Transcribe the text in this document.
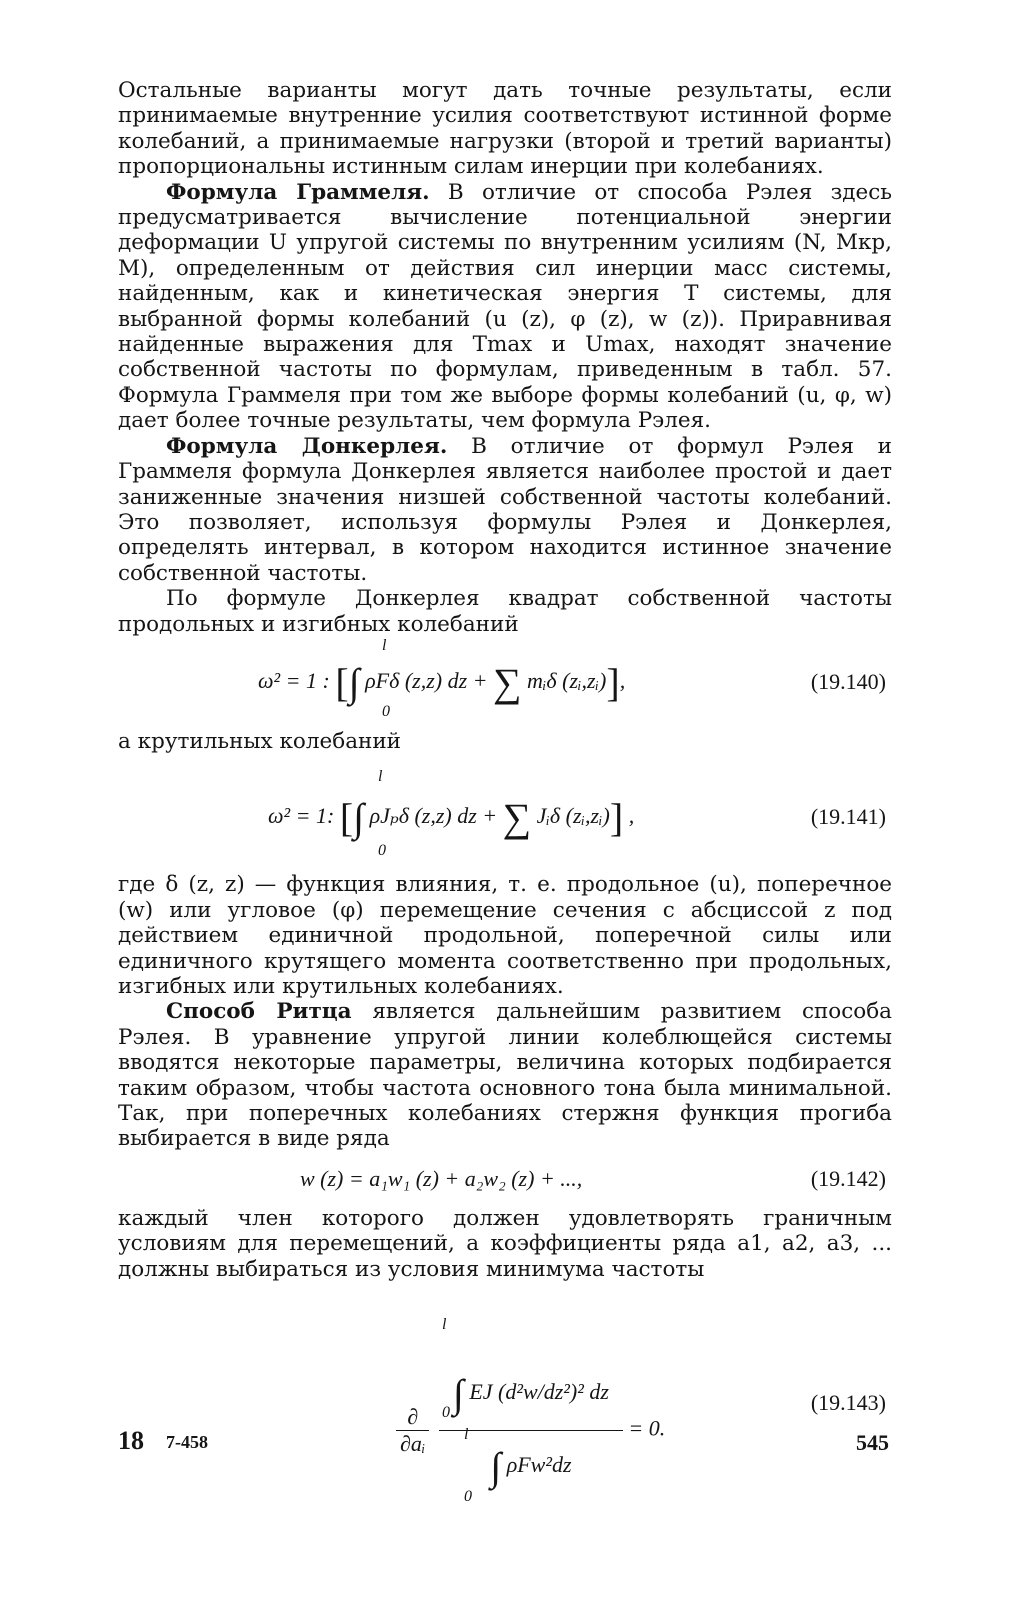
Остальные варианты могут дать точные результаты, если принимаемые внутренние усилия соответствуют истинной форме колебаний, а принимаемые нагрузки (второй и третий варианты) пропорциональны истинным силам инерции при колебаниях.

Формула Граммеля. В отличие от способа Рэлея здесь предусматривается вычисление потенциальной энергии деформации U упругой системы по внутренним усилиям (N, Mкр, M), определенным от действия сил инерции масс системы, найденным, как и кинетическая энергия T системы, для выбранной формы колебаний (u (z), φ (z), w (z)). Приравнивая найденные выражения для Tmax и Umax, находят значение собственной частоты по формулам, приведенным в табл. 57. Формула Граммеля при том же выборе формы колебаний (u, φ, w) дает более точные результаты, чем формула Рэлея.

Формула Донкерлея. В отличие от формул Рэлея и Граммеля формула Донкерлея является наиболее простой и дает заниженные значения низшей собственной частоты колебаний. Это позволяет, используя формулы Рэлея и Донкерлея, определять интервал, в котором находится истинное значение собственной частоты.

По формуле Донкерлея квадрат собственной частоты продольных и изгибных колебаний

ω² = 1 : [∫ ρFδ (z,z) dz + ∑ mᵢδ (zᵢ,zᵢ)],
l
0
(19.140)

а крутильных колебаний

ω² = 1: [∫ ρJₚδ (z,z) dz + ∑ Jᵢδ (zᵢ,zᵢ)] ,
l
0
(19.141)

где δ (z, z) — функция влияния, т. е. продольное (u), поперечное (w) или угловое (φ) перемещение сечения с абсциссой z под действием единичной продольной, поперечной силы или единичного крутящего момента соответственно при продольных, изгибных или крутильных колебаниях.

Способ Ритца является дальнейшим развитием способа Рэлея. В уравнение упругой линии колеблющейся системы вводятся некоторые параметры, величина которых подбирается таким образом, чтобы частота основного тона была минимальной. Так, при поперечных колебаниях стержня функция прогиба выбирается в виде ряда

w (z) = a₁w₁ (z) + a₂w₂ (z) + ...,	(19.142)

каждый член которого должен удовлетворять граничным условиям для перемещений, а коэффициенты ряда a1, a2, a3, ... должны выбираться из условия минимума частоты

$\frac{\partial}{\text{∂aᵢ}}$
$\frac{\text{∫ EJ (d²w/dz²)² dz}}{\text{∫ ρFw²dz}} = 0$.
l
0
l
0
(19.143)
18 7-458	545
